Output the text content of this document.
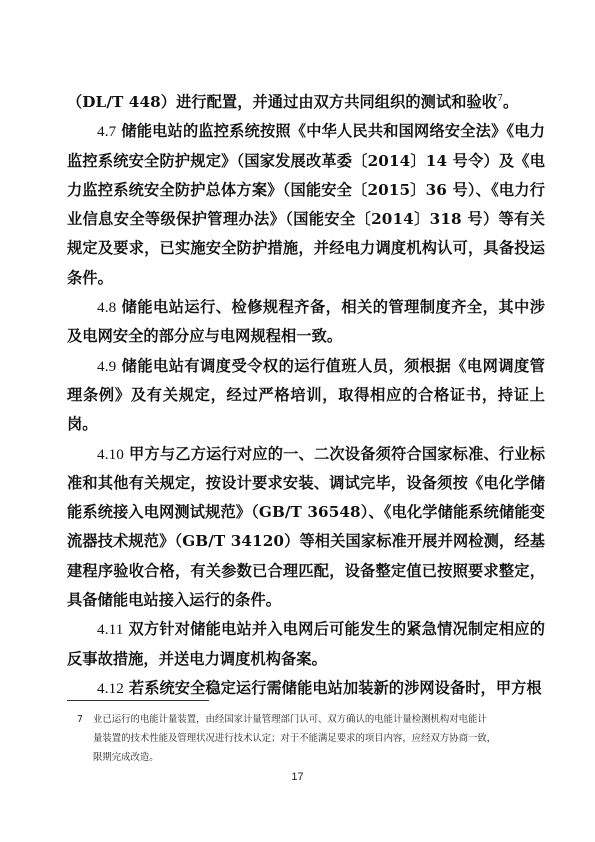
（DL/T 448）进行配置，并通过由双方共同组织的测试和验收$^7$。

4.7 储能电站的监控系统按照《中华人民共和国网络安全法》《电力监控系统安全防护规定》（国家发展改革委〔2014〕14 号令）及《电力监控系统安全防护总体方案》（国能安全〔2015〕36 号）、《电力行业信息安全等级保护管理办法》（国能安全〔2014〕318 号）等有关规定及要求，已实施安全防护措施，并经电力调度机构认可，具备投运条件。

4.8 储能电站运行、检修规程齐备，相关的管理制度齐全，其中涉及电网安全的部分应与电网规程相一致。

4.9 储能电站有调度受令权的运行值班人员，须根据《电网调度管理条例》及有关规定，经过严格培训，取得相应的合格证书，持证上岗。

4.10 甲方与乙方运行对应的一、二次设备须符合国家标准、行业标准和其他有关规定，按设计要求安装、调试完毕，设备须按《电化学储能系统接入电网测试规范》（GB/T 36548）、《电化学储能系统储能变流器技术规范》（GB/T 34120）等相关国家标准开展并网检测，经基建程序验收合格，有关参数已合理匹配，设备整定值已按照要求整定，具备储能电站接入运行的条件。

4.11 双方针对储能电站并入电网后可能发生的紧急情况制定相应的反事故措施，并送电力调度机构备案。

4.12 若系统安全稳定运行需储能电站加装新的涉网设备时，甲方根

7 业已运行的电能计量装置，由经国家计量管理部门认可、双方确认的电能计量检测机构对电能计
量装置的技术性能及管理状况进行技术认定；对于不能满足要求的项目内容，应经双方协商一致，
限期完成改造。
17
